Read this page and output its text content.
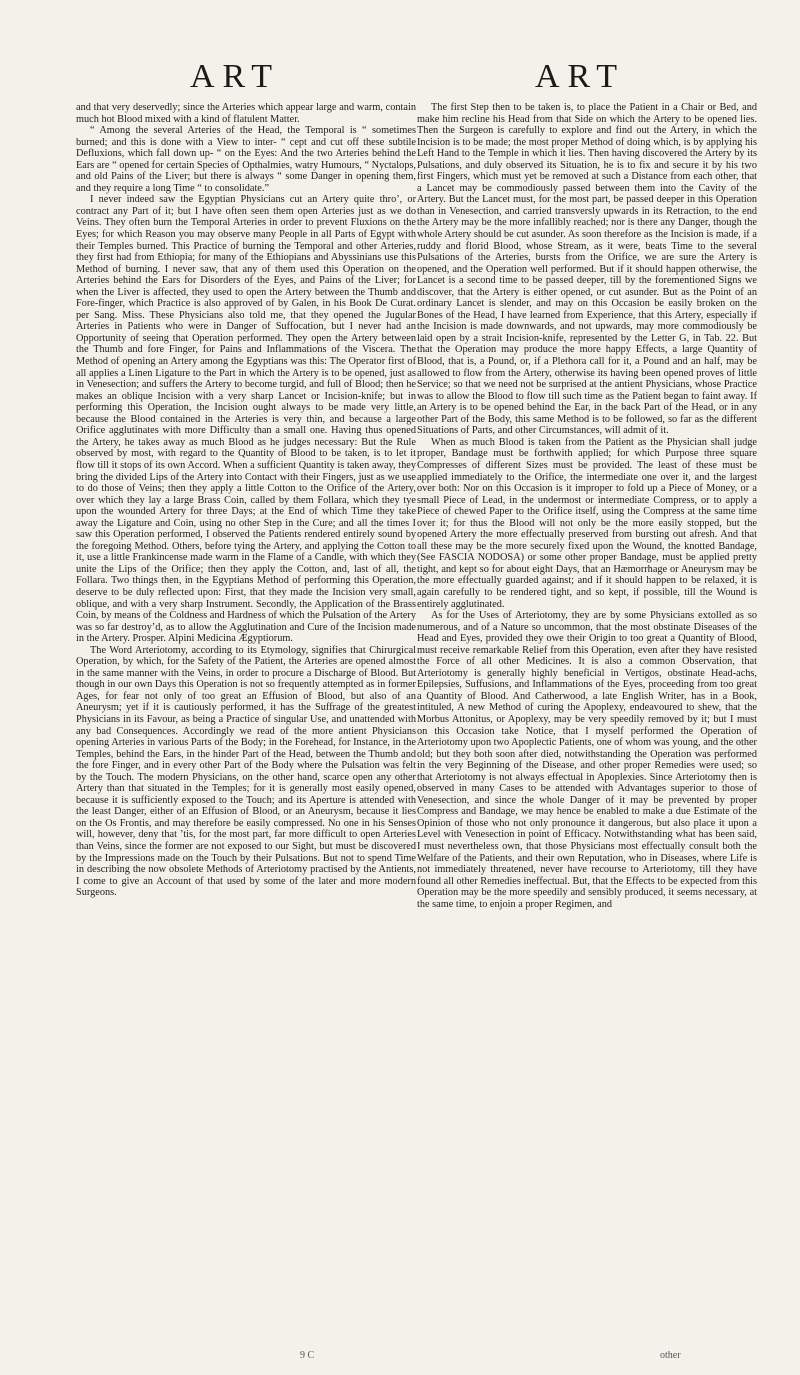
ART	ART

and that very deservedly; since the Arteries which appear large and warm, contain much hot Blood mixed with a kind of flatulent Matter.

“ Among the several Arteries of the Head, the Temporal is “ sometimes burned; and this is done with a View to inter- “ cept and cut off these subtile Defluxions, which fall down up- “ on the Eyes: And the two Arteries behind the Ears are “ opened for certain Species of Opthalmies, watry Humours, “ Nyctalops, and old Pains of the Liver; but there is always “ some Danger in opening them, and they require a long Time “ to consolidate.”

I never indeed saw the Egyptian Physicians cut an Artery quite thro’, or contract any Part of it; but I have often seen them open Arteries just as we do Veins. They often burn the Temporal Arteries in order to prevent Fluxions on the Eyes; for which Reason you may observe many People in all Parts of Egypt with their Temples burned. This Practice of burning the Temporal and other Arteries, they first had from Ethiopia; for many of the Ethiopians and Abyssinians use this Method of burning. I never saw, that any of them used this Operation on the Arteries behind the Ears for Disorders of the Eyes, and Pains of the Liver; for when the Liver is affected, they used to open the Artery between the Thumb and Fore-finger, which Practice is also approved of by Galen, in his Book De Curat. per Sang. Miss. These Physicians also told me, that they opened the Jugular Arteries in Patients who were in Danger of Suffocation, but I never had an Opportunity of seeing that Operation performed. They open the Artery between the Thumb and fore Finger, for Pains and Inflammations of the Viscera. The Method of opening an Artery among the Egyptians was this: The Operator first of all applies a Linen Ligature to the Part in which the Artery is to be opened, just as in Venesection; and suffers the Artery to become turgid, and full of Blood; then he makes an oblique Incision with a very sharp Lancet or Incision-knife; but in performing this Operation, the Incision ought always to be made very little, because the Blood contained in the Arteries is very thin, and because a large Orifice agglutinates with more Difficulty than a small one. Having thus opened the Artery, he takes away as much Blood as he judges necessary: But the Rule observed by most, with regard to the Quantity of Blood to be taken, is to let it flow till it stops of its own Accord. When a sufficient Quantity is taken away, they bring the divided Lips of the Artery into Contact with their Fingers, just as we use to do those of Veins; then they apply a little Cotton to the Orifice of the Artery, over which they lay a large Brass Coin, called by them Follara, which they tye upon the wounded Artery for three Days; at the End of which Time they take away the Ligature and Coin, using no other Step in the Cure; and all the times I saw this Operation performed, I observed the Patients rendered entirely sound by the foregoing Method. Others, before tying the Artery, and applying the Cotton to it, use a little Frankincense made warm in the Flame of a Candle, with which they unite the Lips of the Orifice; then they apply the Cotton, and, last of all, the Follara. Two things then, in the Egyptians Method of performing this Operation, deserve to be duly reflected upon: First, that they made the Incision very small, oblique, and with a very sharp Instrument. Secondly, the Application of the Brass Coin, by means of the Coldness and Hardness of which the Pulsation of the Artery was so far destroy’d, as to allow the Agglutination and Cure of the Incision made in the Artery. Prosper. Alpini Medicina Ægyptiorum.

The Word Arteriotomy, according to its Etymology, signifies that Chirurgical Operation, by which, for the Safety of the Patient, the Arteries are opened almost in the same manner with the Veins, in order to procure a Discharge of Blood. But though in our own Days this Operation is not so frequently attempted as in former Ages, for fear not only of too great an Effusion of Blood, but also of an Aneurysm; yet if it is cautiously performed, it has the Suffrage of the greatest Physicians in its Favour, as being a Practice of singular Use, and unattended with any bad Consequences. Accordingly we read of the more antient Physicians opening Arteries in various Parts of the Body; in the Forehead, for Instance, in the Temples, behind the Ears, in the hinder Part of the Head, between the Thumb and the fore Finger, and in every other Part of the Body where the Pulsation was felt by the Touch. The modern Physicians, on the other hand, scarce open any other Artery than that situated in the Temples; for it is generally most easily opened, because it is sufficiently exposed to the Touch; and its Aperture is attended with the least Danger, either of an Effusion of Blood, or an Aneurysm, because it lies on the Os Frontis, and may therefore be easily compressed. No one in his Senses will, however, deny that ’tis, for the most part, far more difficult to open Arteries than Veins, since the former are not exposed to our Sight, but must be discovered by the Impressions made on the Touch by their Pulsations. But not to spend Time in describing the now obsolete Methods of Arteriotomy practised by the Antients, I come to give an Account of that used by some of the later and more modern Surgeons.

The first Step then to be taken is, to place the Patient in a Chair or Bed, and make him recline his Head from that Side on which the Artery to be opened lies. Then the Surgeon is carefully to explore and find out the Artery, in which the Incision is to be made; the most proper Method of doing which, is by applying his Left Hand to the Temple in which it lies. Then having discovered the Artery by its Pulsations, and duly observed its Situation, he is to fix and secure it by his two first Fingers, which must yet be removed at such a Distance from each other, that a Lancet may be commodiously passed between them into the Cavity of the Artery. But the Lancet must, for the most part, be passed deeper in this Operation than in Venesection, and carried transversly upwards in its Retraction, to the end the Artery may be the more infallibly reached; nor is there any Danger, though the whole Artery should be cut asunder. As soon therefore as the Incision is made, if a ruddy and florid Blood, whose Stream, as it were, beats Time to the several Pulsations of the Arteries, bursts from the Orifice, we are sure the Artery is opened, and the Operation well performed. But if it should happen otherwise, the Lancet is a second time to be passed deeper, till by the forementioned Signs we discover, that the Artery is either opened, or cut asunder. But as the Point of an ordinary Lancet is slender, and may on this Occasion be easily broken on the Bones of the Head, I have learned from Experience, that this Artery, especially if the Incision is made downwards, and not upwards, may more commodiously be laid open by a strait Incision-knife, represented by the Letter G, in Tab. 22. But that the Operation may produce the more happy Effects, a large Quantity of Blood, that is, a Pound, or, if a Plethora call for it, a Pound and an half, may be allowed to flow from the Artery, otherwise its having been opened proves of little Service; so that we need not be surprised at the antient Physicians, whose Practice was to allow the Blood to flow till such time as the Patient began to faint away. If an Artery is to be opened behind the Ear, in the back Part of the Head, or in any other Part of the Body, this same Method is to be followed, so far as the different Situations of Parts, and other Circumstances, will admit of it.

When as much Blood is taken from the Patient as the Physician shall judge proper, Bandage must be forthwith applied; for which Purpose three square Compresses of different Sizes must be provided. The least of these must be applied immediately to the Orifice, the intermediate one over it, and the largest over both: Nor on this Occasion is it improper to fold up a Piece of Money, or a small Piece of Lead, in the undermost or intermediate Compress, or to apply a Piece of chewed Paper to the Orifice itself, using the Compress at the same time over it; for thus the Blood will not only be the more easily stopped, but the opened Artery the more effectually preserved from bursting out afresh. And that all these may be the more securely fixed upon the Wound, the knotted Bandage, (See FASCIA NODOSA) or some other proper Bandage, must be applied pretty tight, and kept so for about eight Days, that an Hæmorrhage or Aneurysm may be the more effectually guarded against; and if it should happen to be relaxed, it is again carefully to be rendered tight, and so kept, if possible, till the Wound is entirely agglutinated.

As for the Uses of Arteriotomy, they are by some Physicians extolled as so numerous, and of a Nature so uncommon, that the most obstinate Diseases of the Head and Eyes, provided they owe their Origin to too great a Quantity of Blood, must receive remarkable Relief from this Operation, even after they have resisted the Force of all other Medicines. It is also a common Observation, that Arteriotomy is generally highly beneficial in Vertigos, obstinate Head-achs, Epilepsies, Suffusions, and Inflammations of the Eyes, proceeding from too great a Quantity of Blood. And Catherwood, a late English Writer, has in a Book, intituled, A new Method of curing the Apoplexy, endeavoured to shew, that the Morbus Attonitus, or Apoplexy, may be very speedily removed by it; but I must on this Occasion take Notice, that I myself performed the Operation of Arteriotomy upon two Apoplectic Patients, one of whom was young, and the other old; but they both soon after died, notwithstanding the Operation was performed in the very Beginning of the Disease, and other proper Remedies were used; so that Arteriotomy is not always effectual in Apoplexies. Since Arteriotomy then is observed in many Cases to be attended with Advantages superior to those of Venesection, and since the whole Danger of it may be prevented by proper Compress and Bandage, we may hence be enabled to make a due Estimate of the Opinion of those who not only pronounce it dangerous, but also place it upon a Level with Venesection in point of Efficacy. Notwithstanding what has been said, I must nevertheless own, that those Physicians most effectually consult both the Welfare of the Patients, and their own Reputation, who in Diseases, where Life is not immediately threatened, never have recourse to Arteriotomy, till they have found all other Remedies ineffectual. But, that the Effects to be expected from this Operation may be the more speedily and sensibly produced, it seems necessary, at the same time, to enjoin a proper Regimen, and

9 C	other
